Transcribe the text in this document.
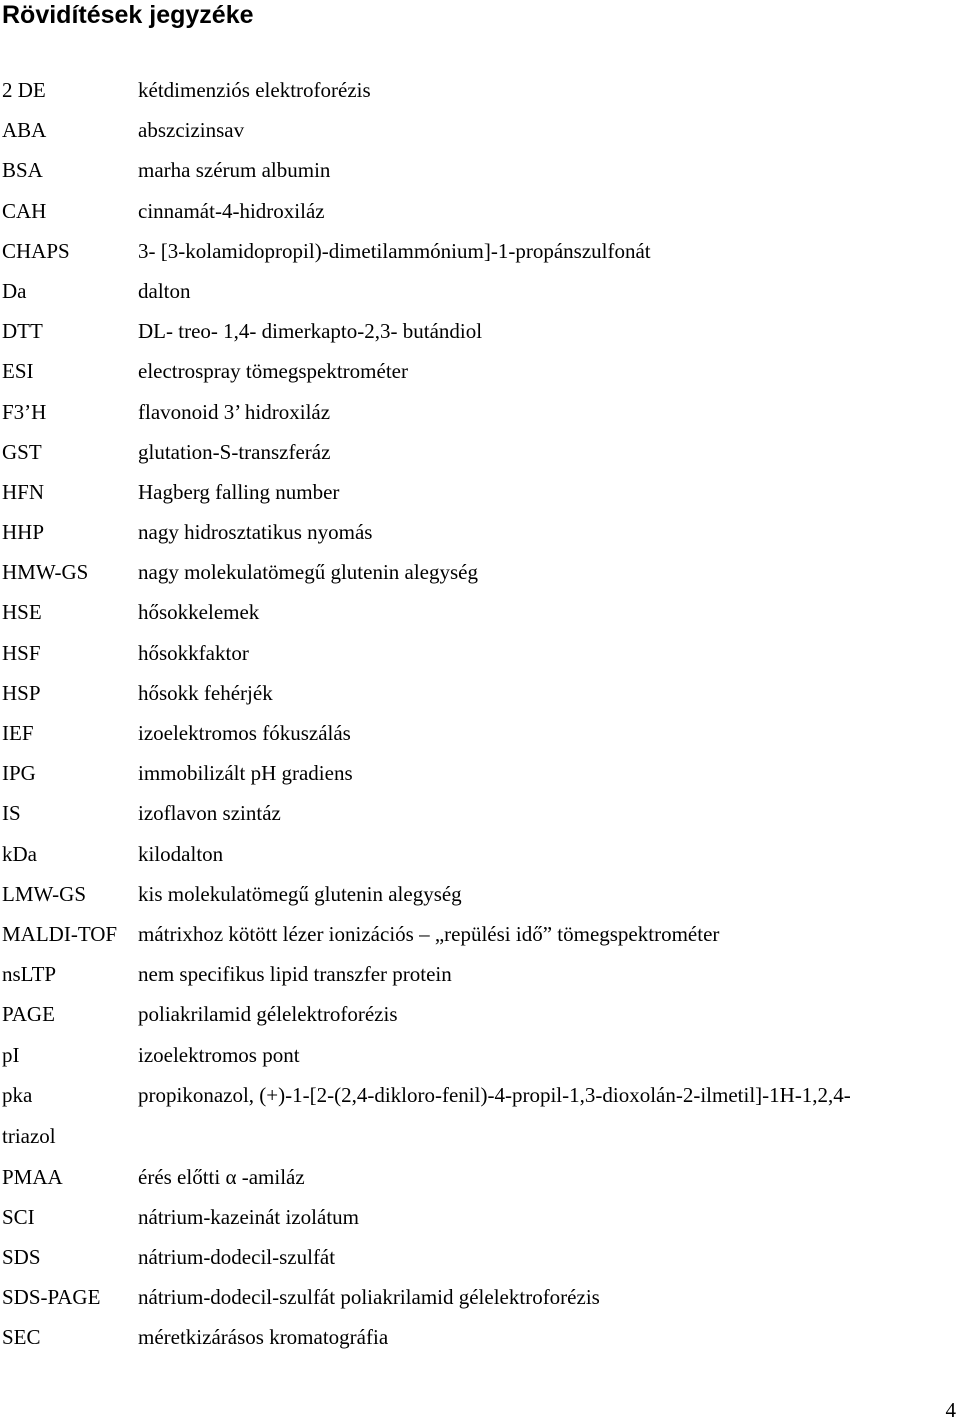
Rövidítések jegyzéke
2 DE	kétdimenziós elektroforézis
ABA	abszcizinsav
BSA	marha szérum albumin
CAH	cinnamát-4-hidroxiláz
CHAPS	3- [3-kolamidopropil)-dimetilammónium]-1-propánszulfonát
Da	dalton
DTT	DL- treo- 1,4- dimerkapto-2,3- butándiol
ESI	electrospray tömegspektrométer
F3’H	flavonoid 3’ hidroxiláz
GST	glutation-S-transzferáz
HFN	Hagberg falling number
HHP	nagy hidrosztatikus nyomás
HMW-GS nagy molekulatömegű glutenin alegység
HSE	hősokkelemek
HSF	hősokkfaktor
HSP	hősokk fehérjék
IEF	izoelektromos fókuszálás
IPG	immobilizált pH gradiens
IS	izoflavon szintáz
kDa	kilodalton
LMW-GS kis molekulatömegű glutenin alegység
MALDI-TOF mátrixhoz kötött lézer ionizációs – „repülési idő” tömegspektrométer
nsLTP	nem specifikus lipid transzfer protein
PAGE	poliakrilamid gélelektroforézis
pI	izoelektromos pont
pka	propikonazol, (+)-1-[2-(2,4-dikloro-fenil)-4-propil-1,3-dioxolán-2-ilmetil]-1H-1,2,4-
triazol
PMAA	érés előtti α -amiláz
SCI	nátrium-kazeinát izolátum
SDS	nátrium-dodecil-szulfát
SDS-PAGE nátrium-dodecil-szulfát poliakrilamid gélelektroforézis
SEC	méretkizárásos kromatográfia
4
